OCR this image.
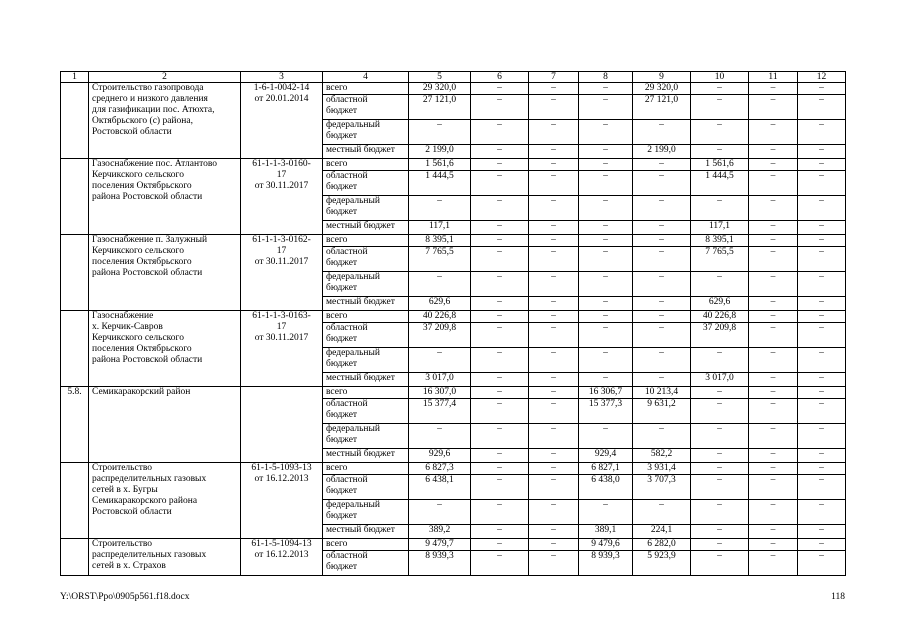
1	2	3	4	5	6	7	8	9	10	11	12
	Строительство газопровода
среднего и низкого давления
для газификации пос. Атюхта,
Октябрьского (с) района,
Ростовской области	1-6-1-0042-14
от 20.01.2014	всего	29 320,0	–	–	–	29 320,0	–	–	–
			областной
бюджет	27 121,0	–	–	–	27 121,0	–	–	–
			федеральный
бюджет	–	–	–	–	–	–	–	–
			местный бюджет	2 199,0	–	–	–	2 199,0	–	–	–
	Газоснабжение пос. Атлантово
Керчикского сельского
поселения Октябрьского
района Ростовской области	61-1-1-3-0160-
17
от 30.11.2017	всего	1 561,6	–	–	–	–	1 561,6	–	–
			областной
бюджет	1 444,5	–	–	–	–	1 444,5	–	–
			федеральный
бюджет	–	–	–	–	–	–	–	–
			местный бюджет	117,1	–	–	–	–	117,1	–	–
	Газоснабжение п. Залужный
Керчикского сельского
поселения Октябрьского
района Ростовской области	61-1-1-3-0162-
17
от 30.11.2017	всего	8 395,1	–	–	–	–	8 395,1	–	–
			областной
бюджет	7 765,5	–	–	–	–	7 765,5	–	–
			федеральный
бюджет	–	–	–	–	–	–	–	–
			местный бюджет	629,6	–	–	–	–	629,6	–	–
	Газоснабжение
х. Керчик-Савров
Керчикского сельского
поселения Октябрьского
района Ростовской области	61-1-1-3-0163-
17
от 30.11.2017	всего	40 226,8	–	–	–	–	40 226,8	–	–
			областной
бюджет	37 209,8	–	–	–	–	37 209,8	–	–
			федеральный
бюджет	–	–	–	–	–	–	–	–
			местный бюджет	3 017,0	–	–	–	–	3 017,0	–	–
5.8.	Семикаракорский район		всего	16 307,0	–	–	16 306,7	10 213,4	–	–	–
			областной
бюджет	15 377,4	–	–	15 377,3	9 631,2	–	–	–
			федеральный
бюджет	–	–	–	–	–	–	–	–
			местный бюджет	929,6	–	–	929,4	582,2	–	–	–
	Строительство
распределительных газовых
сетей в х. Бугры
Семикаракорского района
Ростовской области	61-1-5-1093-13
от 16.12.2013	всего	6 827,3	–	–	6 827,1	3 931,4	–	–	–
			областной
бюджет	6 438,1	–	–	6 438,0	3 707,3	–	–	–
			федеральный
бюджет	–	–	–	–	–	–	–	–
			местный бюджет	389,2	–	–	389,1	224,1	–	–	–
	Строительство
распределительных газовых
сетей в х. Страхов	61-1-5-1094-13
от 16.12.2013	всего	9 479,7	–	–	9 479,6	6 282,0	–	–	–
			областной
бюджет	8 939,3	–	–	8 939,3	5 923,9	–	–	–
Y:\ORST\Ppo\0905p561.f18.docx	118
